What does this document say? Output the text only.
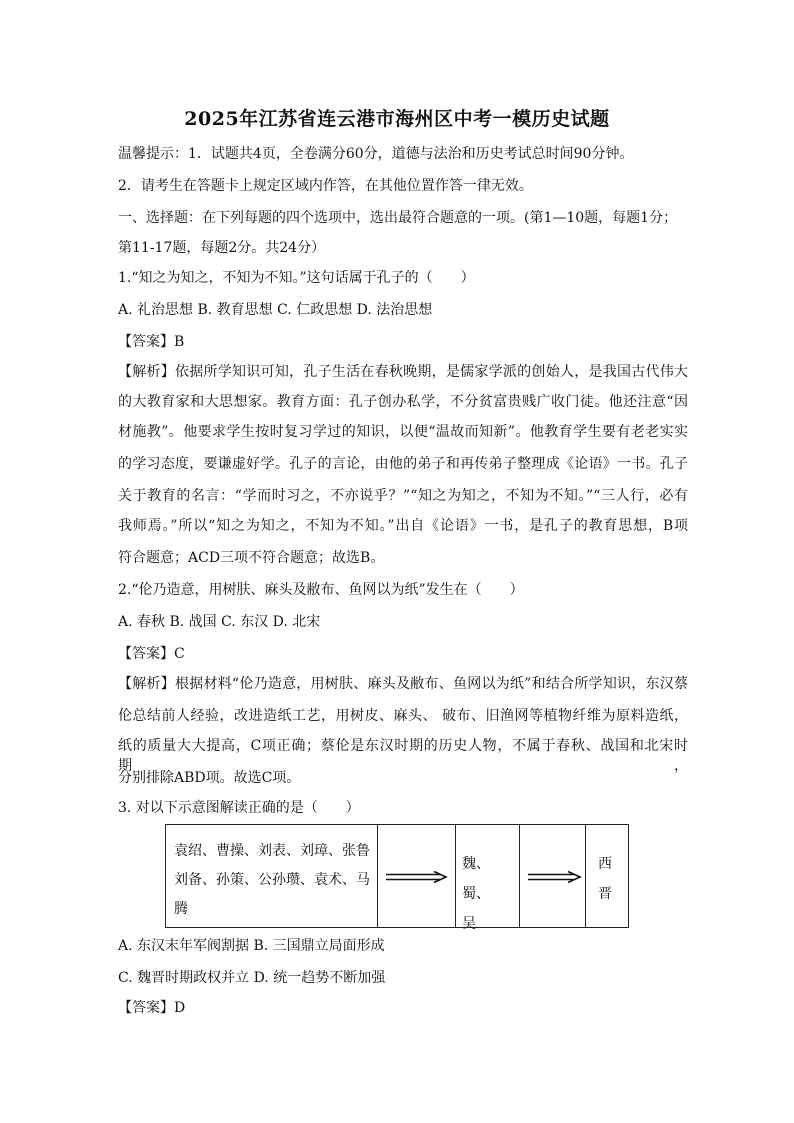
2025年江苏省连云港市海州区中考一模历史试题
温馨提示：1．试题共4页，全卷满分60分，道德与法治和历史考试总时间90分钟。
2．请考生在答题卡上规定区域内作答，在其他位置作答一律无效。
一、选择题：在下列每题的四个选项中，选出最符合题意的一项。(第1—10题，每题1分；
第11-17题，每题2分。共24分）
1.“知之为知之，不知为不知。”这句话属于孔子的（　　）
A. 礼治思想 B. 教育思想 C. 仁政思想 D. 法治思想
【答案】B
【解析】依据所学知识可知，孔子生活在春秋晚期，是儒家学派的创始人，是我国古代伟大
的大教育家和大思想家。教育方面：孔子创办私学，不分贫富贵贱广收门徒。他还注意“因
材施教”。他要求学生按时复习学过的知识，以便“温故而知新”。他教育学生要有老老实实
的学习态度，要谦虚好学。孔子的言论，由他的弟子和再传弟子整理成《论语》一书。孔子
关于教育的名言：“学而时习之，不亦说乎？”“知之为知之，不知为不知。”“三人行，必有
我师焉。”所以“知之为知之，不知为不知。”出自《论语》一书，是孔子的教育思想，B项
符合题意；ACD三项不符合题意；故选B。
2.“伦乃造意，用树肤、麻头及敝布、鱼网以为纸”发生在（　　）
A. 春秋 B. 战国 C. 东汉 D. 北宋
【答案】C
【解析】根据材料“伦乃造意，用树肤、麻头及敝布、鱼网以为纸”和结合所学知识，东汉蔡
伦总结前人经验，改进造纸工艺，用树皮、麻头、 破布、旧渔网等植物纤维为原料造纸，
纸的质量大大提高，C项正确；蔡伦是东汉时期的历史人物，不属于春秋、战国和北宋时期，
分别排除ABD项。故选C项。
3. 对以下示意图解读正确的是（　　）
袁绍、曹操、刘表、刘璋、张鲁
刘备、孙策、公孙瓒、袁术、马
腾
魏、蜀、
吴
西
晋
A. 东汉末年军阀割据 B. 三国鼎立局面形成
C. 魏晋时期政权并立 D. 统一趋势不断加强
【答案】D
